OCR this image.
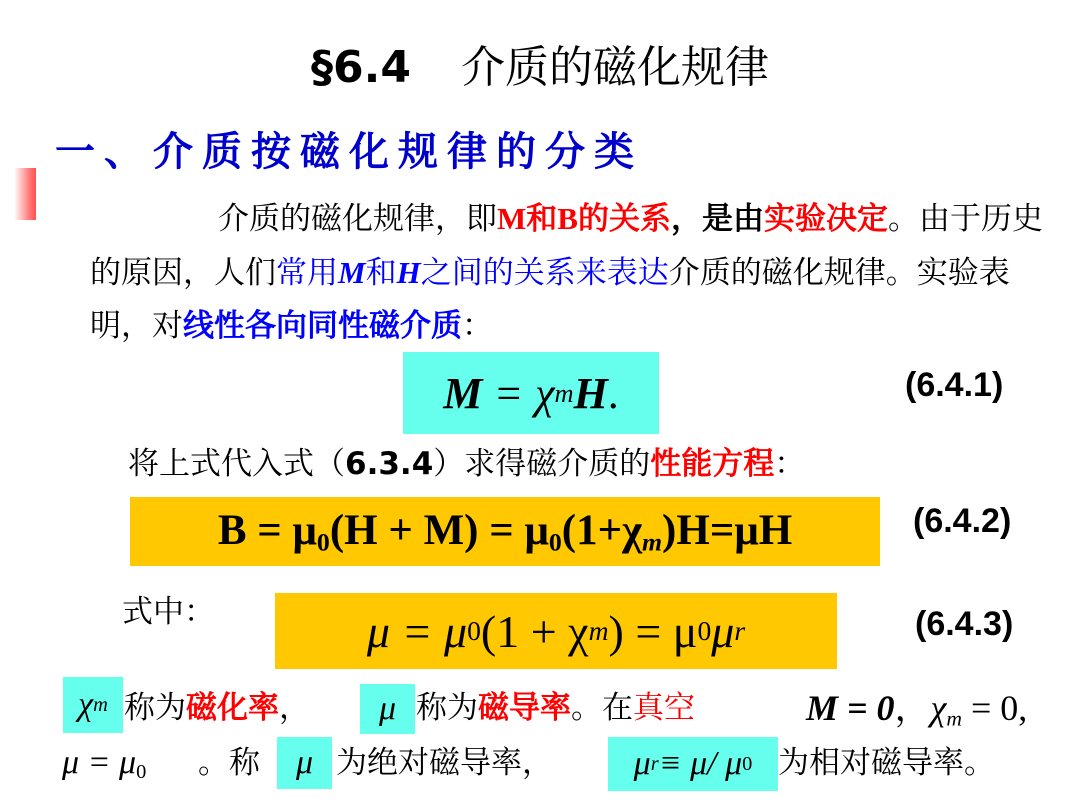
§6.4 介质的磁化规律
一、介质按磁化规律的分类
介质的磁化规律，即M和B的关系，是由实验决定。由于历史的原因，人们常用M和H之间的关系来表达介质的磁化规律。实验表明，对线性各向同性磁介质：
M = χ m H .	(6.4.1)
将上式代入式（6.3.4）求得磁介质的性能方程：
$B = \mu_0(H + M) = \mu_0(1+\chi_m)H=\mu H$	(6.4.2)
式中：	μ = μ 0 (1 + χ m ) = μ 0 μ r	(6.4.3)
χ m 称为磁化率， μ 称为磁导率。在真空	M = 0，$\chi_m = 0$,
$\mu = \mu_0$ 。称 μ 为绝对磁导率， μ r ≡ μ/ μ 0 为相对磁导率。
